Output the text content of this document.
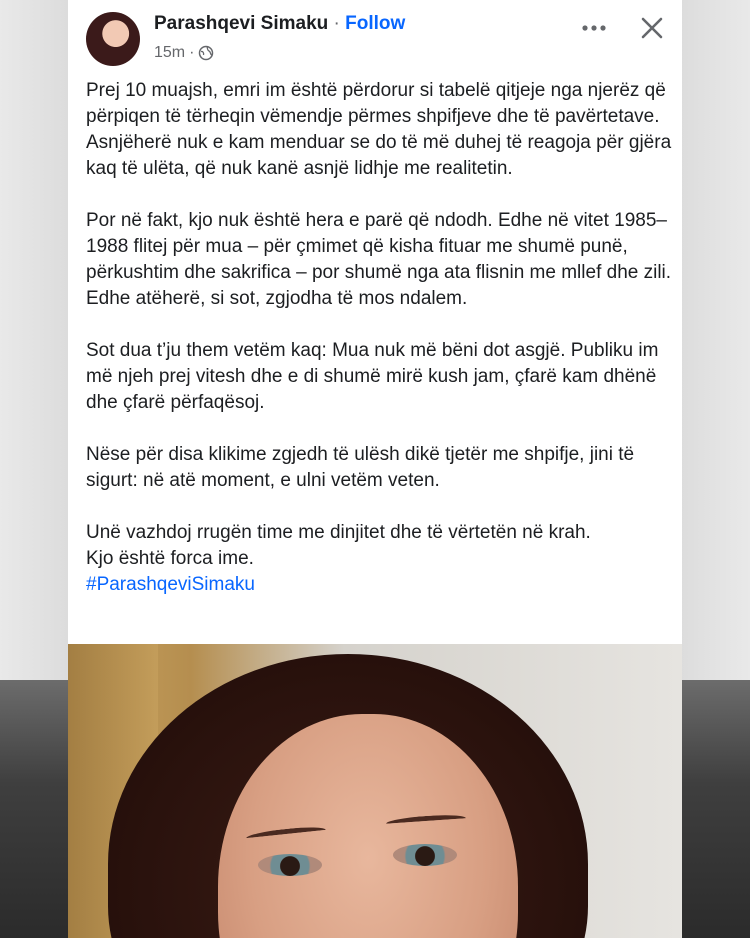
Parashqevi Simaku · Follow
15m ·

Prej 10 muajsh, emri im është përdorur si tabelë qitjeje nga njerëz që përpiqen të tërheqin vëmendje përmes shpifjeve dhe të pavërtetave. Asnjëherë nuk e kam menduar se do të më duhej të reagoja për gjëra kaq të ulëta, që nuk kanë asnjë lidhje me realitetin.

Por në fakt, kjo nuk është hera e parë që ndodh. Edhe në vitet 1985–1988 flitej për mua – për çmimet që kisha fituar me shumë punë, përkushtim dhe sakrifica – por shumë nga ata flisnin me mllef dhe zili. Edhe atëherë, si sot, zgjodha të mos ndalem.

Sot dua t’ju them vetëm kaq: Mua nuk më bëni dot asgjë. Publiku im më njeh prej vitesh dhe e di shumë mirë kush jam, çfarë kam dhënë dhe çfarë përfaqësoj.

Nëse për disa klikime zgjedh të ulësh dikë tjetër me shpifje, jini të sigurt: në atë moment, e ulni vetëm veten.

Unë vazhdoj rrugën time me dinjitet dhe të vërtetën në krah.
Kjo është forca ime.
#ParashqeviSimaku
